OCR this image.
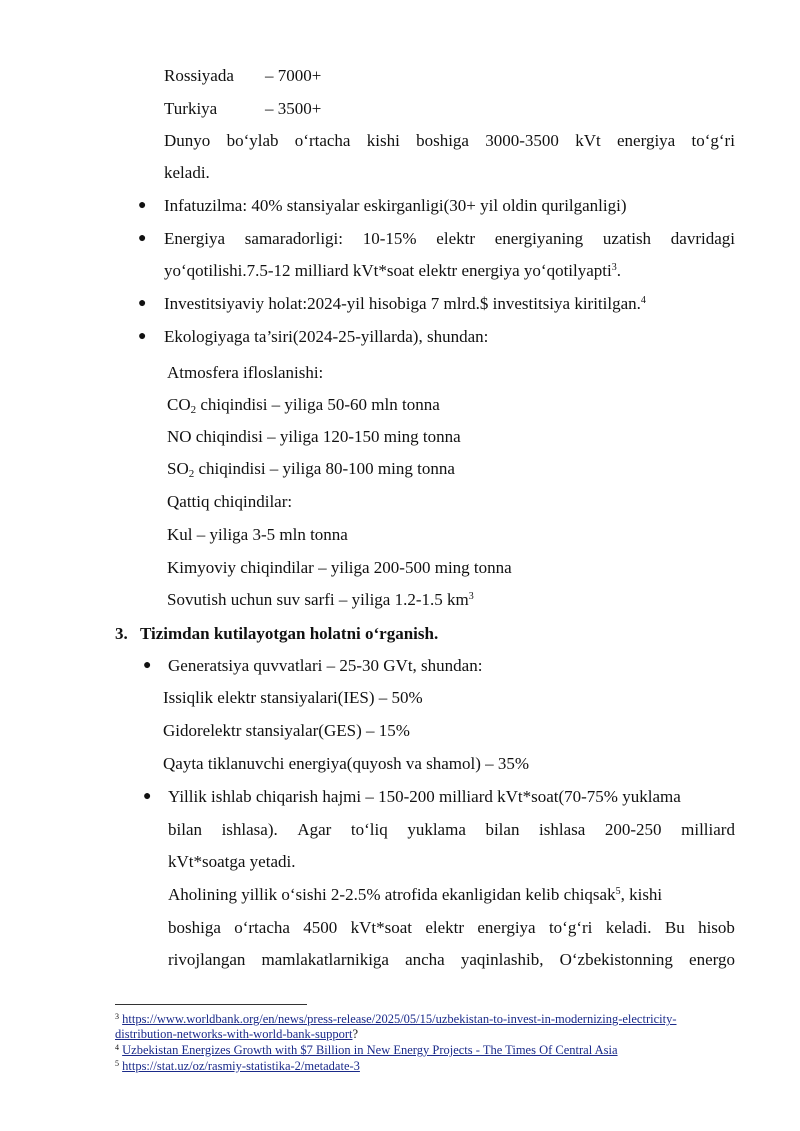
Rossiyada – 7000+
Turkiya	– 3500+
Dunyo bo‘ylab o‘rtacha kishi boshiga 3000-3500 kVt energiya to‘g‘ri
keladi.
● Infatuzilma: 40% stansiyalar eskirganligi(30+ yil oldin qurilganligi)
● Energiya samaradorligi: 10-15% elektr energiyaning uzatish davridagi
yo‘qotilishi.7.5-12 milliard kVt*soat elektr energiya yo‘qotilyapti$^3$.
● Investitsiyaviy holat:2024-yil hisobiga 7 mlrd.$ investitsiya kiritilgan.$^4$
● Ekologiyaga ta’siri(2024-25-yillarda), shundan:
Atmosfera ifloslanishi:
$CO_2$ chiqindisi – yiliga 50-60 mln tonna
NO chiqindisi – yiliga 120-150 ming tonna
$SO_2$ chiqindisi – yiliga 80-100 ming tonna
Qattiq chiqindilar:
Kul – yiliga 3-5 mln tonna
Kimyoviy chiqindilar – yiliga 200-500 ming tonna
Sovutish uchun suv sarfi – yiliga 1.2-1.5 $km^3$
3. Tizimdan kutilayotgan holatni o‘rganish.
● Generatsiya quvvatlari – 25-30 GVt, shundan:
Issiqlik elektr stansiyalari(IES) – 50%
Gidorelektr stansiyalar(GES) – 15%
Qayta tiklanuvchi energiya(quyosh va shamol) – 35%
● Yillik ishlab chiqarish hajmi – 150-200 milliard kVt*soat(70-75% yuklama
bilan ishlasa). Agar to‘liq yuklama bilan ishlasa 200-250 milliard
kVt*soatga yetadi.
Aholining yillik o‘sishi 2-2.5% atrofida ekanligidan kelib chiqsak$^5$, kishi
boshiga o‘rtacha 4500 kVt*soat elektr energiya to‘g‘ri keladi. Bu hisob
rivojlangan mamlakatlarnikiga ancha yaqinlashib, O‘zbekistonning energo
$^3$ https://www.worldbank.org/en/news/press-release/2025/05/15/uzbekistan-to-invest-in-modernizing-electricity-
distribution-networks-with-world-bank-support?
$^4$ Uzbekistan Energizes Growth with $7 Billion in New Energy Projects - The Times Of Central Asia
$^5$ https://stat.uz/oz/rasmiy-statistika-2/metadate-3
